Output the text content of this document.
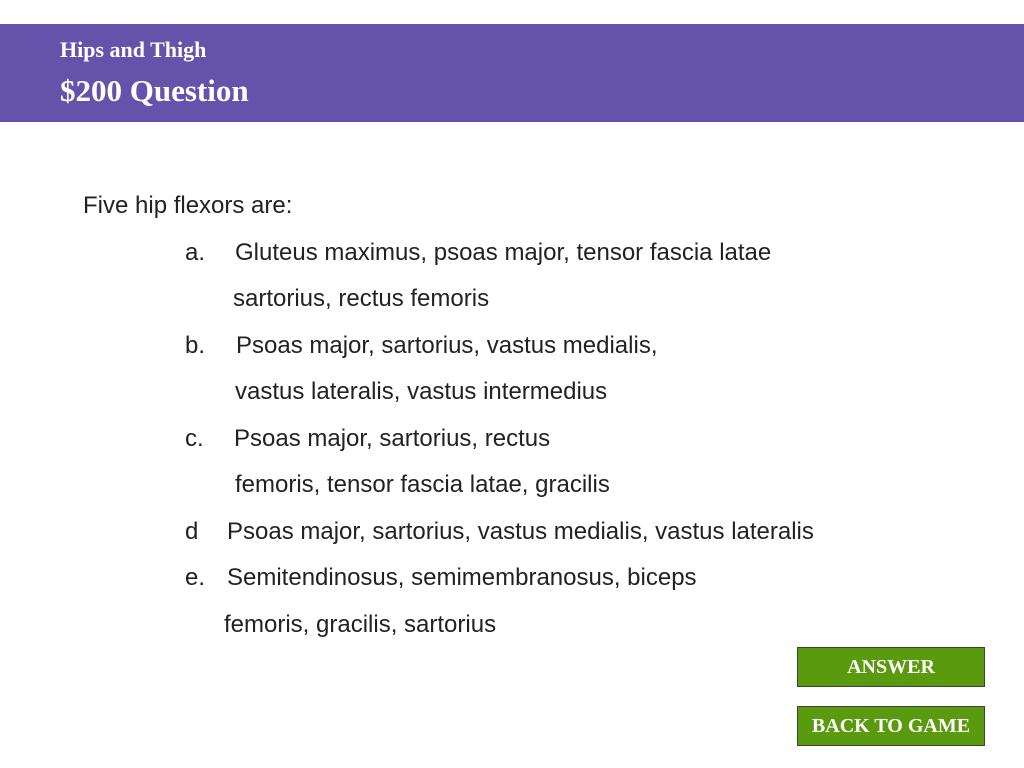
Hips and Thigh
$200 Question
Five hip flexors are:
a. Gluteus maximus, psoas major, tensor fascia latae
sartorius, rectus femoris
b. Psoas major, sartorius, vastus medialis,
vastus lateralis, vastus intermedius
c. Psoas major, sartorius, rectus
femoris, tensor fascia latae, gracilis
d Psoas major, sartorius, vastus medialis, vastus lateralis
e. Semitendinosus, semimembranosus, biceps
femoris, gracilis, sartorius
ANSWER
BACK TO GAME
